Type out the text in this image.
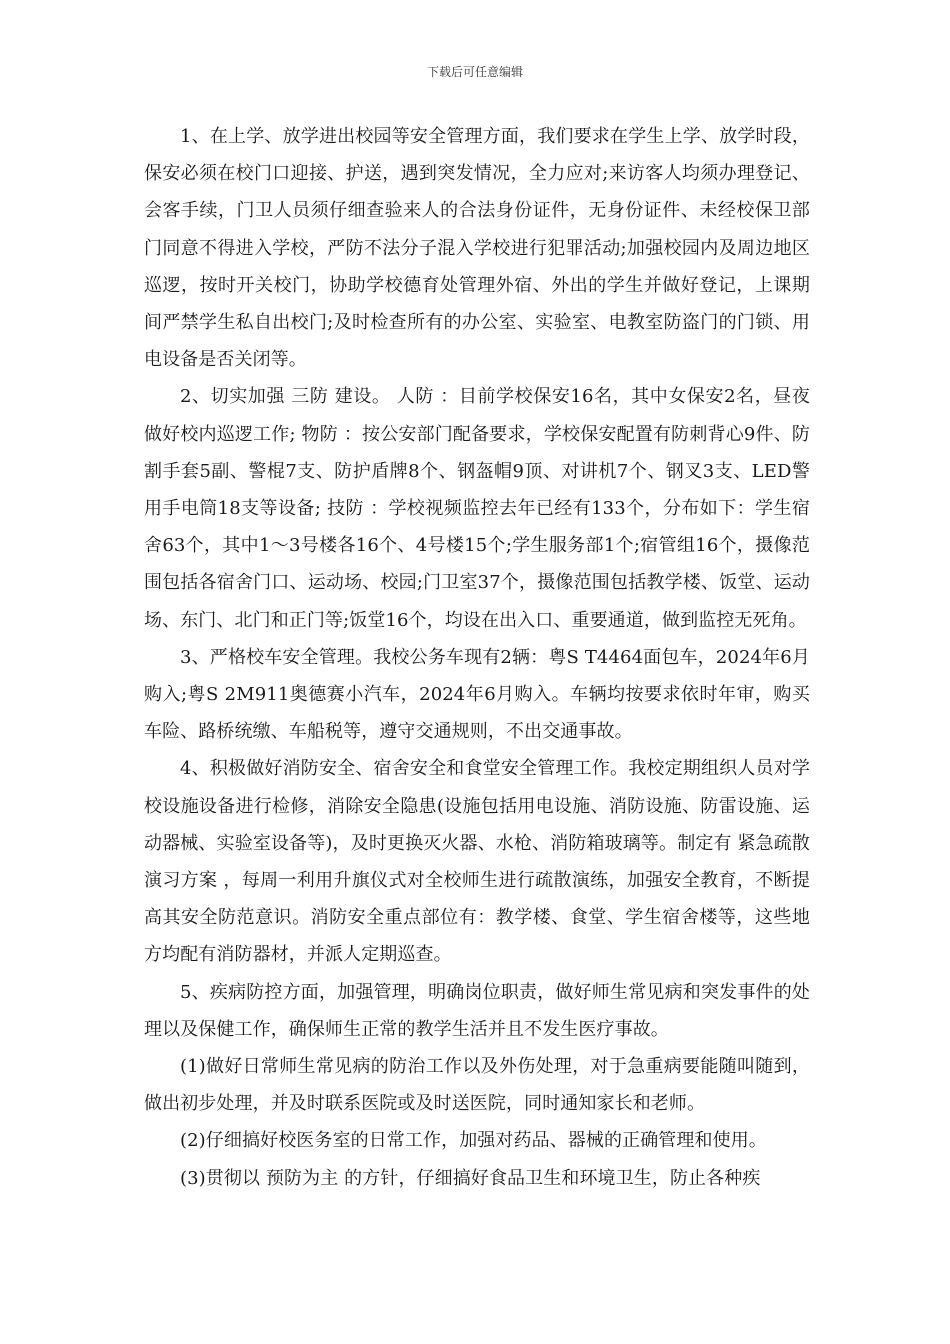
下载后可任意编辑

1、在上学、放学进出校园等安全管理方面，我们要求在学生上学、放学时段，保安必须在校门口迎接、护送，遇到突发情况，全力应对;来访客人均须办理登记、会客手续，门卫人员须仔细查验来人的合法身份证件，无身份证件、未经校保卫部门同意不得进入学校，严防不法分子混入学校进行犯罪活动;加强校园内及周边地区巡逻，按时开关校门，协助学校德育处管理外宿、外出的学生并做好登记，上课期间严禁学生私自出校门;及时检查所有的办公室、实验室、电教室防盗门的门锁、用电设备是否关闭等。

2、切实加强 三防 建设。 人防 ：目前学校保安16名，其中女保安2名，昼夜做好校内巡逻工作; 物防 ：按公安部门配备要求，学校保安配置有防刺背心9件、防割手套5副、警棍7支、防护盾牌8个、钢盔帽9顶、对讲机7个、钢叉3支、LED警用手电筒18支等设备; 技防 ：学校视频监控去年已经有133个，分布如下：学生宿舍63个，其中1～3号楼各16个、4号楼15个;学生服务部1个;宿管组16个，摄像范围包括各宿舍门口、运动场、校园;门卫室37个，摄像范围包括教学楼、饭堂、运动场、东门、北门和正门等;饭堂16个，均设在出入口、重要通道，做到监控无死角。

3、严格校车安全管理。我校公务车现有2辆：粤S T4464面包车，2024年6月购入;粤S 2M911奥德赛小汽车，2024年6月购入。车辆均按要求依时年审，购买车险、路桥统缴、车船税等，遵守交通规则，不出交通事故。

4、积极做好消防安全、宿舍安全和食堂安全管理工作。我校定期组织人员对学校设施设备进行检修，消除安全隐患(设施包括用电设施、消防设施、防雷设施、运动器械、实验室设备等)，及时更换灭火器、水枪、消防箱玻璃等。制定有 紧急疏散演习方案 ，每周一利用升旗仪式对全校师生进行疏散演练，加强安全教育，不断提高其安全防范意识。消防安全重点部位有：教学楼、食堂、学生宿舍楼等，这些地方均配有消防器材，并派人定期巡查。

5、疾病防控方面，加强管理，明确岗位职责，做好师生常见病和突发事件的处理以及保健工作，确保师生正常的教学生活并且不发生医疗事故。

(1)做好日常师生常见病的防治工作以及外伤处理，对于急重病要能随叫随到，做出初步处理，并及时联系医院或及时送医院，同时通知家长和老师。

(2)仔细搞好校医务室的日常工作，加强对药品、器械的正确管理和使用。

(3)贯彻以 预防为主 的方针，仔细搞好食品卫生和环境卫生，防止各种疾
